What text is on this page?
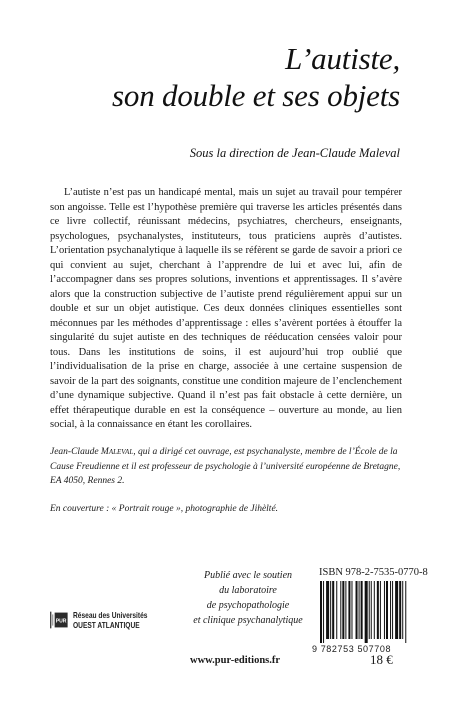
L’autiste,
son double et ses objets
Sous la direction de Jean-Claude Maleval

L’autiste n’est pas un handicapé mental, mais un sujet au travail pour tempérer son angoisse. Telle est l’hypothèse première qui traverse les articles présentés dans ce livre collectif, réunissant médecins, psychiatres, chercheurs, enseignants, psychologues, psychanalystes, instituteurs, tous praticiens auprès d’autistes. L’orientation psychanalytique à laquelle ils se réfèrent se garde de savoir a priori ce qui convient au sujet, cherchant à l’apprendre de lui et avec lui, afin de l’accompagner dans ses propres solutions, inventions et apprentissages. Il s’avère alors que la construction subjective de l’autiste prend régulièrement appui sur un double et sur un objet autistique. Ces deux données cliniques essentielles sont méconnues par les méthodes d’apprentissage : elles s’avèrent portées à étouffer la singularité du sujet autiste en des techniques de rééducation censées valoir pour tous. Dans les institutions de soins, il est aujourd’hui trop oublié que l’individualisation de la prise en charge, associée à une certaine suspension de savoir de la part des soignants, constitue une condition majeure de l’enclenchement d’une dynamique subjective. Quand il n’est pas fait obstacle à cette dernière, un effet thérapeutique durable en est la conséquence – ouverture au monde, au lien social, à la connaissance en étant les corollaires.

Jean-Claude Maleval, qui a dirigé cet ouvrage, est psychanalyste, membre de l’École de la Cause Freudienne et il est professeur de psychologie à l’université européenne de Bretagne, EA 4050, Rennes 2.
En couverture : « Portrait rouge », photographie de Jihèlté.
PUR
Réseau des Universités
OUEST ATLANTIQUE
Publié avec le soutien
du laboratoire
de psychopathologie
et clinique psychanalytique
ISBN 978-2-7535-0770-8
9 782753 507708
www.pur-editions.fr	18 €
